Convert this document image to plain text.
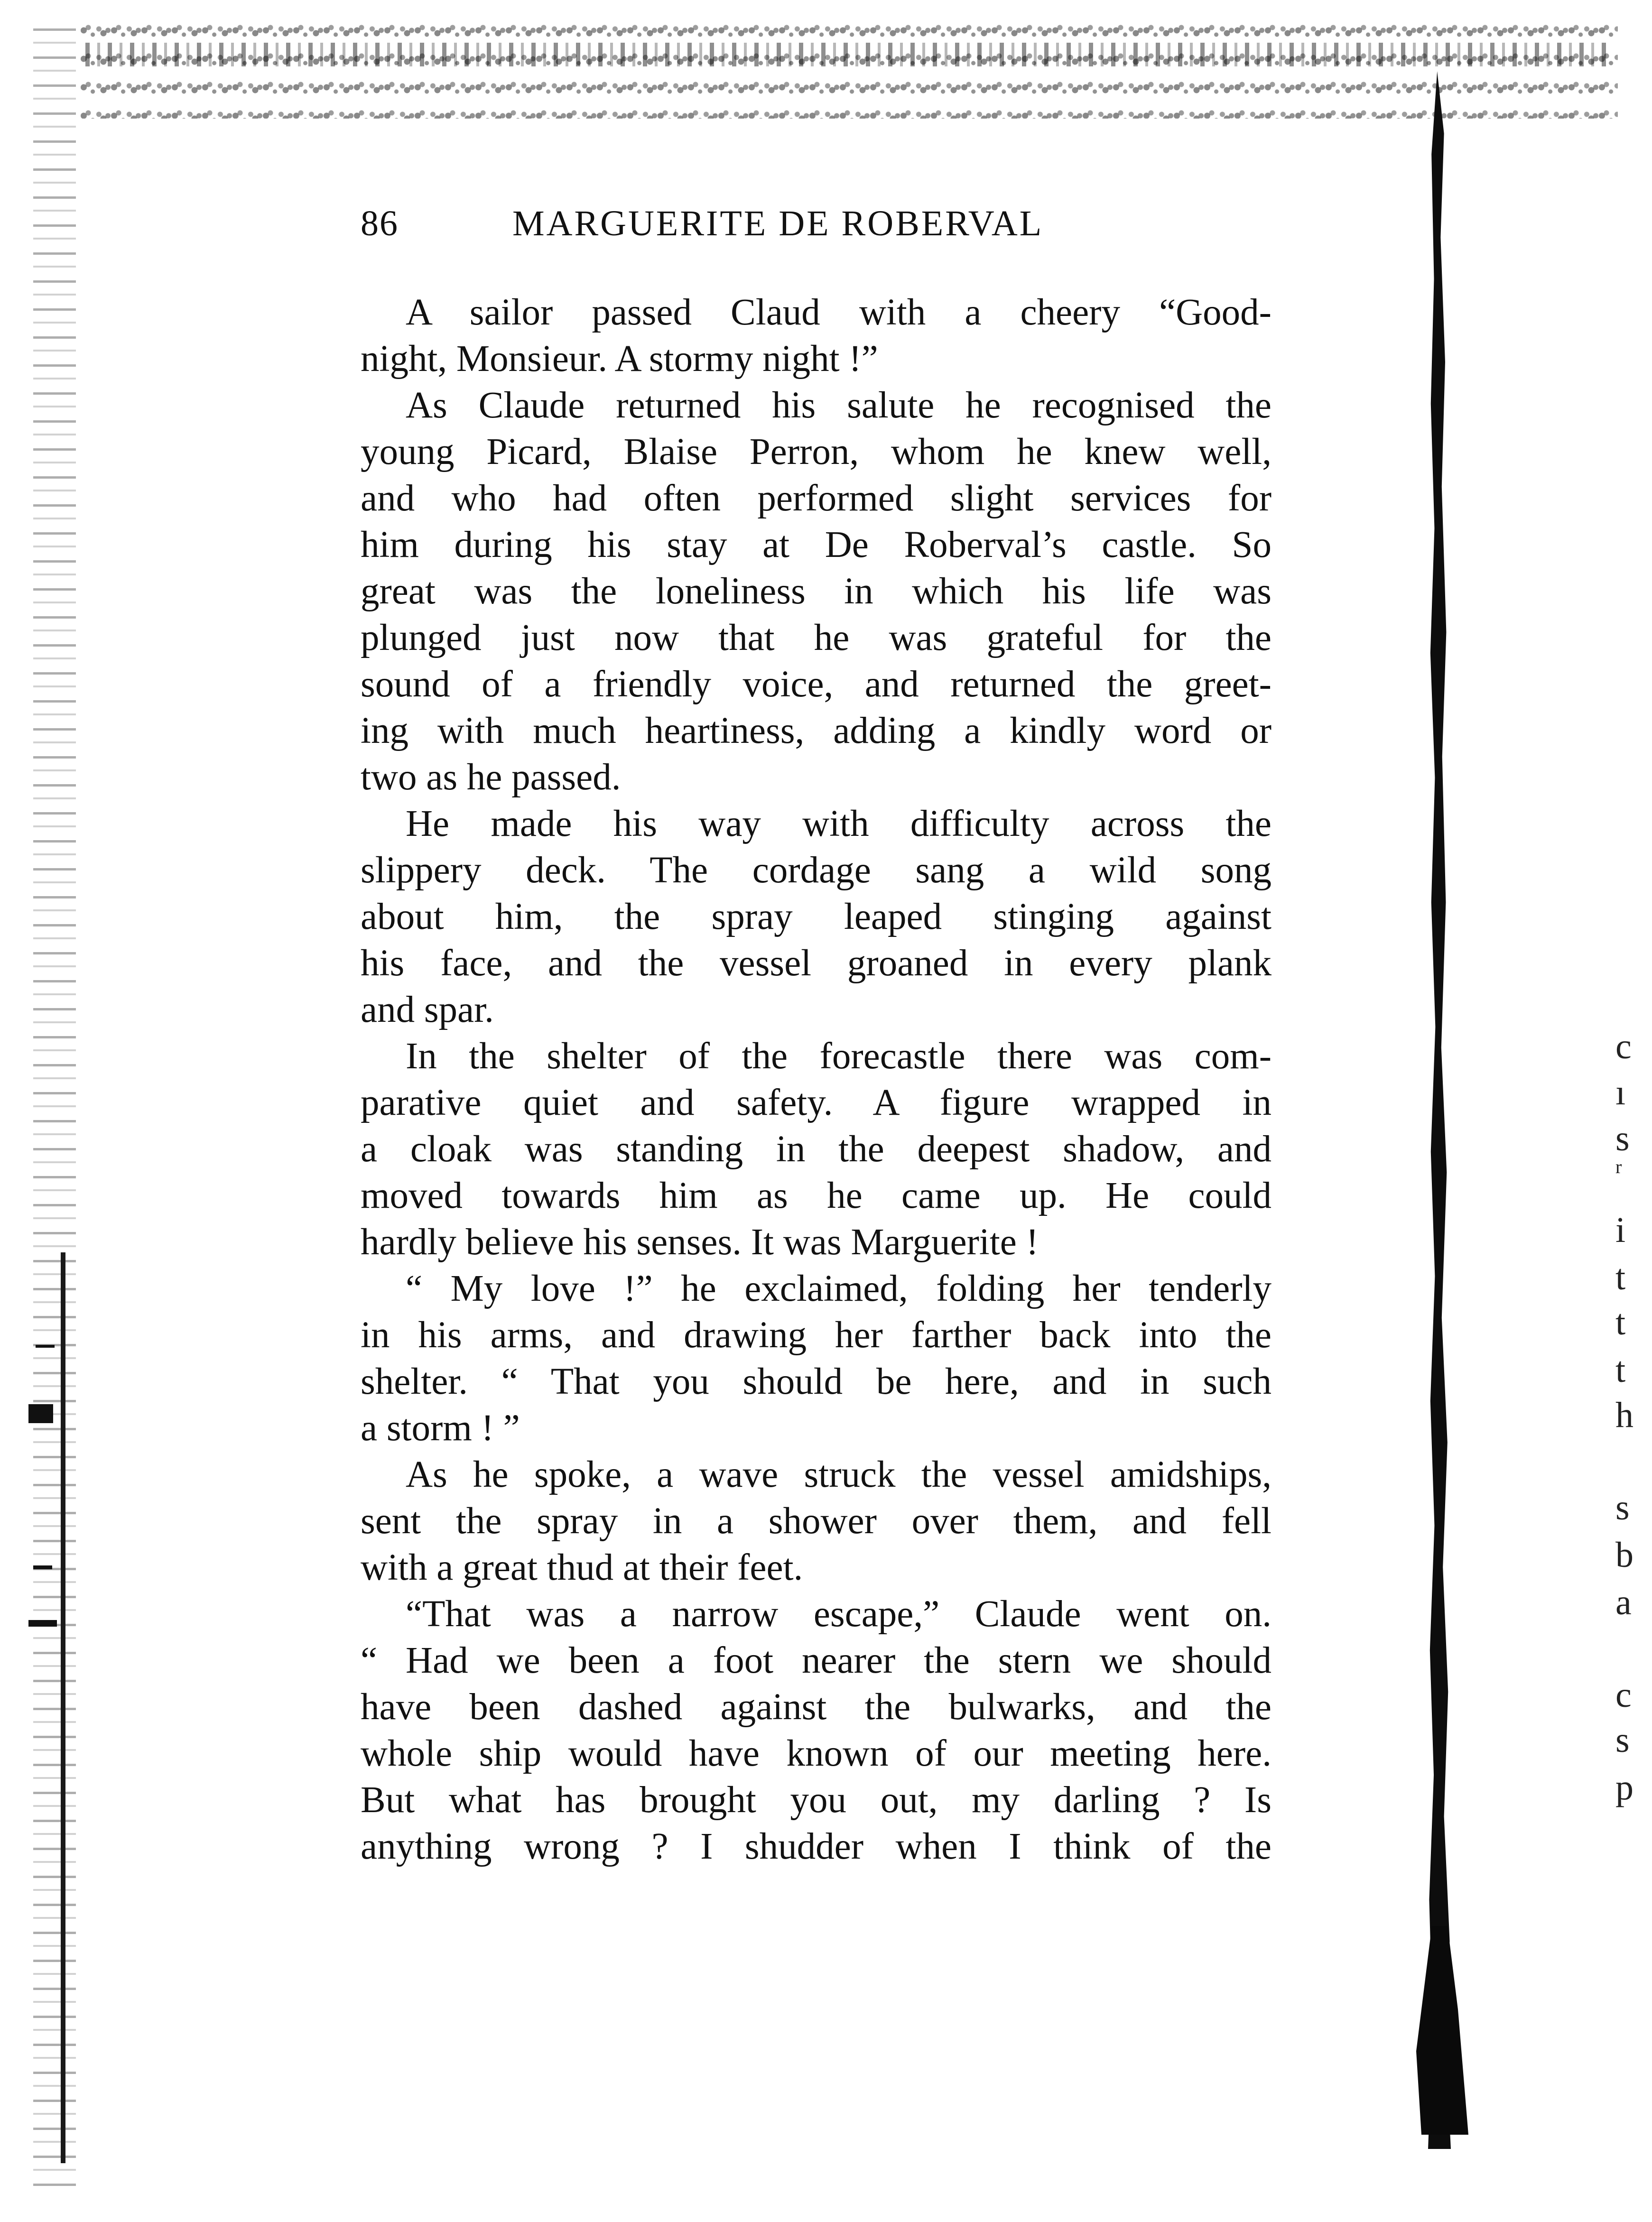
c
ı
s
r
i
t
t
t
h
s
b
a
c
s
p
86	MARGUERITE DE ROBERVAL
A sailor passed Claud with a cheery “Good-
night, Monsieur. A stormy night !”
As Claude returned his salute he recognised the
young Picard, Blaise Perron, whom he knew well,
and who had often performed slight services for
him during his stay at De Roberval’s castle. So
great was the loneliness in which his life was
plunged just now that he was grateful for the
sound of a friendly voice, and returned the greet-
ing with much heartiness, adding a kindly word or
two as he passed.
He made his way with difficulty across the
slippery deck. The cordage sang a wild song
about him, the spray leaped stinging against
his face, and the vessel groaned in every plank
and spar.
In the shelter of the forecastle there was com-
parative quiet and safety. A figure wrapped in
a cloak was standing in the deepest shadow, and
moved towards him as he came up. He could
hardly believe his senses. It was Marguerite !
“ My love !” he exclaimed, folding her tenderly
in his arms, and drawing her farther back into the
shelter. “ That you should be here, and in such
a storm ! ”
As he spoke, a wave struck the vessel amidships,
sent the spray in a shower over them, and fell
with a great thud at their feet.
“That was a narrow escape,” Claude went on.
“ Had we been a foot nearer the stern we should
have been dashed against the bulwarks, and the
whole ship would have known of our meeting here.
But what has brought you out, my darling ? Is
anything wrong ? I shudder when I think of the
